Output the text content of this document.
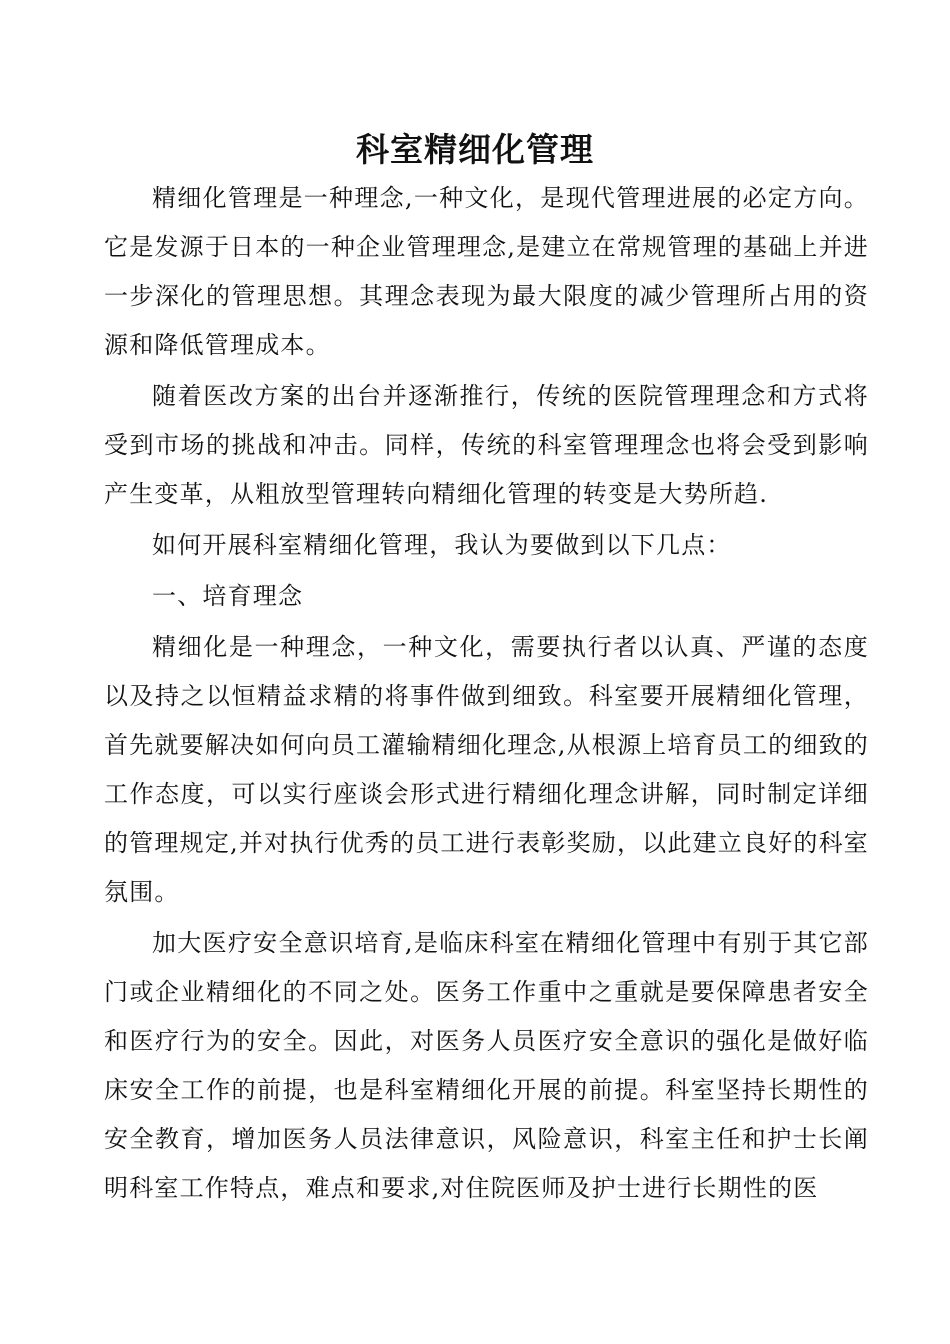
科室精细化管理

精细化管理是一种理念,一种文化，是现代管理进展的必定方向。它是发源于日本的一种企业管理理念,是建立在常规管理的基础上并进一步深化的管理思想。其理念表现为最大限度的减少管理所占用的资源和降低管理成本。

随着医改方案的出台并逐渐推行，传统的医院管理理念和方式将受到市场的挑战和冲击。同样，传统的科室管理理念也将会受到影响产生变革，从粗放型管理转向精细化管理的转变是大势所趋.

如何开展科室精细化管理，我认为要做到以下几点：

一、培育理念

精细化是一种理念，一种文化，需要执行者以认真、严谨的态度以及持之以恒精益求精的将事件做到细致。科室要开展精细化管理，首先就要解决如何向员工灌输精细化理念,从根源上培育员工的细致的工作态度，可以实行座谈会形式进行精细化理念讲解，同时制定详细的管理规定,并对执行优秀的员工进行表彰奖励，以此建立良好的科室氛围。

加大医疗安全意识培育,是临床科室在精细化管理中有别于其它部门或企业精细化的不同之处。医务工作重中之重就是要保障患者安全和医疗行为的安全。因此，对医务人员医疗安全意识的强化是做好临床安全工作的前提，也是科室精细化开展的前提。科室坚持长期性的安全教育，增加医务人员法律意识，风险意识，科室主任和护士长阐明科室工作特点，难点和要求,对住院医师及护士进行长期性的医
